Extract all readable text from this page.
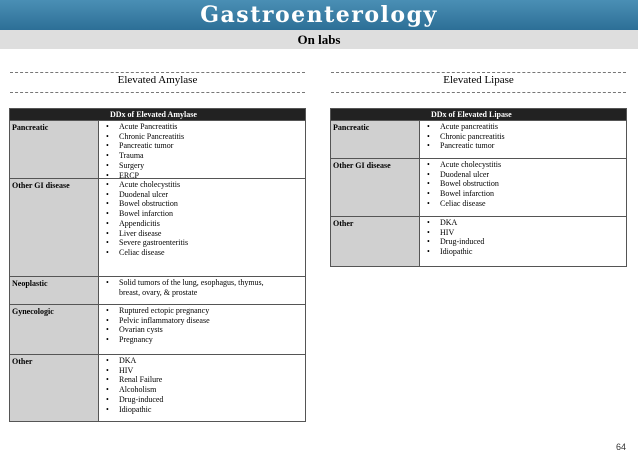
Gastroenterology
On labs
Elevated Amylase
DDx of Elevated Amylase
Pancreatic	• Acute Pancreatitis
• Chronic Pancreatitis
• Pancreatic tumor
• Trauma
• Surgery
• ERCP
Other GI disease	• Acute cholecystitis
• Duodenal ulcer
• Bowel obstruction
• Bowel infarction
• Appendicitis
• Liver disease
• Severe gastroenteritis
• Celiac disease
Neoplastic	• Solid tumors of the lung, esophagus, thymus,
breast, ovary, & prostate
Gynecologic	• Ruptured ectopic pregnancy
• Pelvic inflammatory disease
• Ovarian cysts
• Pregnancy
Other	• DKA
• HIV
• Renal Failure
• Alcoholism
• Drug-induced
• Idiopathic
Elevated Lipase
DDx of Elevated Lipase
Pancreatic	• Acute pancreatitis
• Chronic pancreatitis
• Pancreatic tumor
Other GI disease	• Acute cholecystitis
• Duodenal ulcer
• Bowel obstruction
• Bowel infarction
• Celiac disease
Other	• DKA
• HIV
• Drug-induced
• Idiopathic
64
